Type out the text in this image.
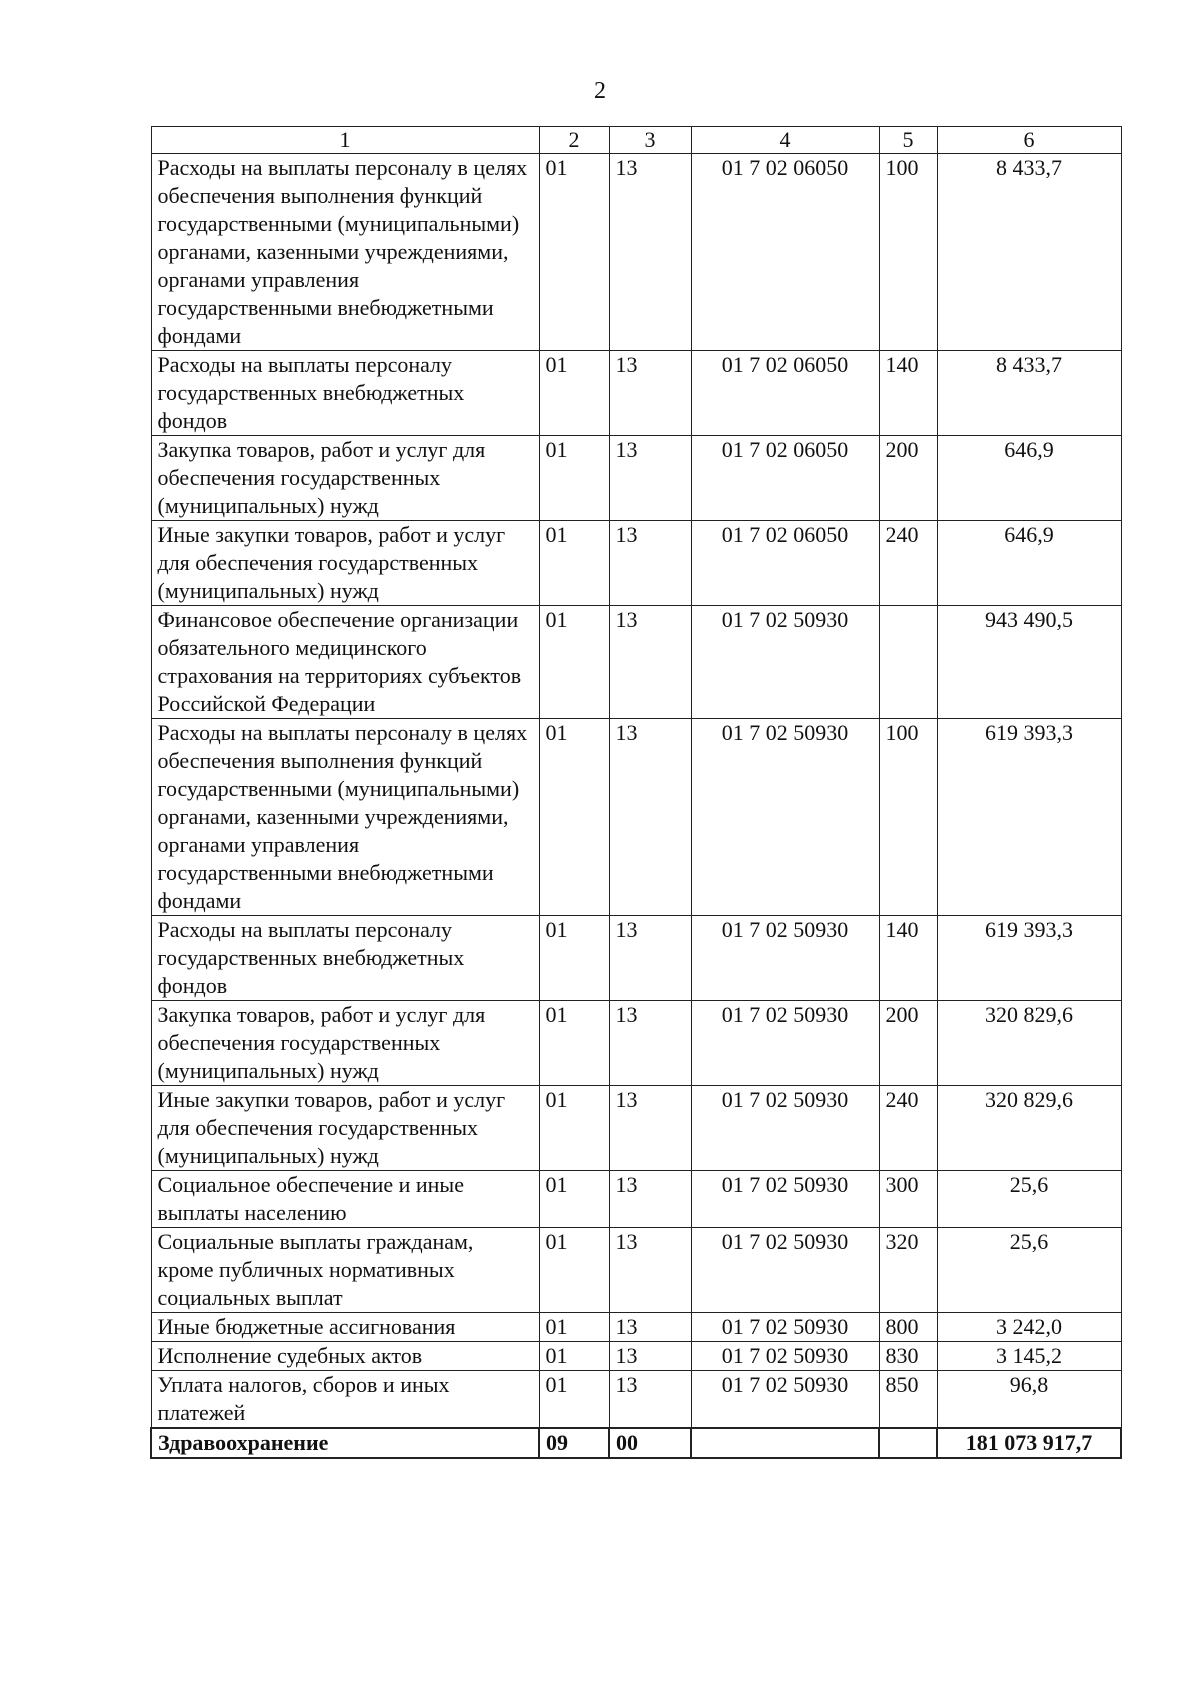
2
1	2	3	4	5	6
Расходы на выплаты персоналу в целях обеспечения выполнения функций государственными (муниципальными) органами, казенными учреждениями, органами управления государственными внебюджетными фондами	01	13	01 7 02 06050	100	8 433,7
Расходы на выплаты персоналу государственных внебюджетных фондов	01	13	01 7 02 06050	140	8 433,7
Закупка товаров, работ и услуг для обеспечения государственных (муниципальных) нужд	01	13	01 7 02 06050	200	646,9
Иные закупки товаров, работ и услуг для обеспечения государственных (муниципальных) нужд	01	13	01 7 02 06050	240	646,9
Финансовое обеспечение организации обязательного медицинского страхования на территориях субъектов Российской Федерации	01	13	01 7 02 50930		943 490,5
Расходы на выплаты персоналу в целях обеспечения выполнения функций государственными (муниципальными) органами, казенными учреждениями, органами управления государственными внебюджетными фондами	01	13	01 7 02 50930	100	619 393,3
Расходы на выплаты персоналу государственных внебюджетных фондов	01	13	01 7 02 50930	140	619 393,3
Закупка товаров, работ и услуг для обеспечения государственных (муниципальных) нужд	01	13	01 7 02 50930	200	320 829,6
Иные закупки товаров, работ и услуг для обеспечения государственных (муниципальных) нужд	01	13	01 7 02 50930	240	320 829,6
Социальное обеспечение и иные выплаты населению	01	13	01 7 02 50930	300	25,6
Социальные выплаты гражданам, кроме публичных нормативных социальных выплат	01	13	01 7 02 50930	320	25,6
Иные бюджетные ассигнования	01	13	01 7 02 50930	800	3 242,0
Исполнение судебных актов	01	13	01 7 02 50930	830	3 145,2
Уплата налогов, сборов и иных платежей	01	13	01 7 02 50930	850	96,8
Здравоохранение	09	00			181 073 917,7
